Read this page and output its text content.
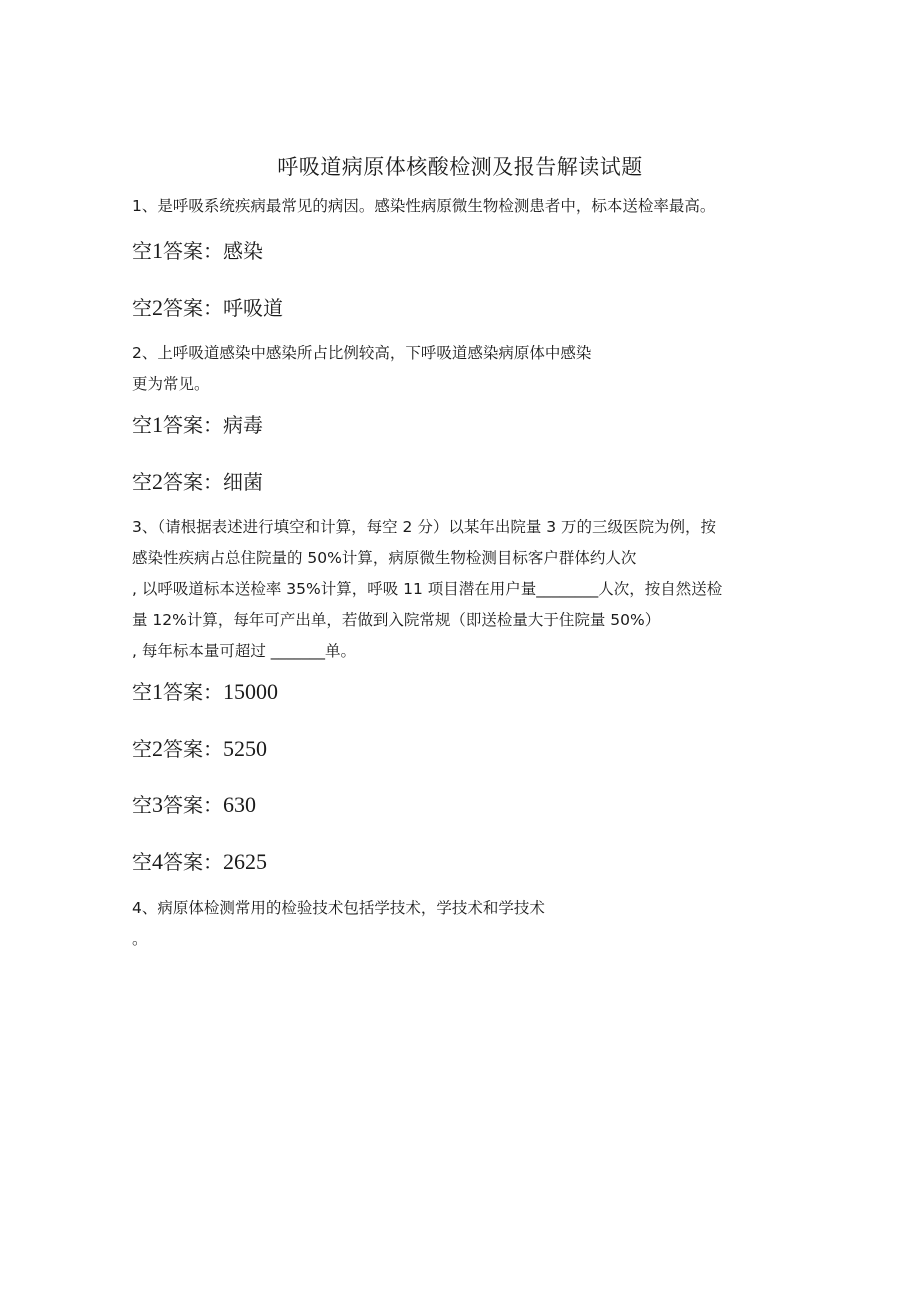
呼吸道病原体核酸检测及报告解读试题
1、是呼吸系统疾病最常见的病因。感染性病原微生物检测患者中，标本送检率最高。
空1答案：感染
空2答案：呼吸道
2、上呼吸道感染中感染所占比例较高，下呼吸道感染病原体中感染
更为常见。
空1答案：病毒
空2答案：细菌
3、（请根据表述进行填空和计算，每空 2 分）以某年出院量 3 万的三级医院为例，按
感染性疾病占总住院量的 50%计算，病原微生物检测目标客户群体约人次
, 以呼吸道标本送检率 35%计算，呼吸 11 项目潜在用户量________人次，按自然送检
量 12%计算，每年可产出单，若做到入院常规（即送检量大于住院量 50%）
, 每年标本量可超过 _______单。
空1答案：15000
空2答案：5250
空3答案：630
空4答案：2625
4、病原体检测常用的检验技术包括学技术，学技术和学技术
。
